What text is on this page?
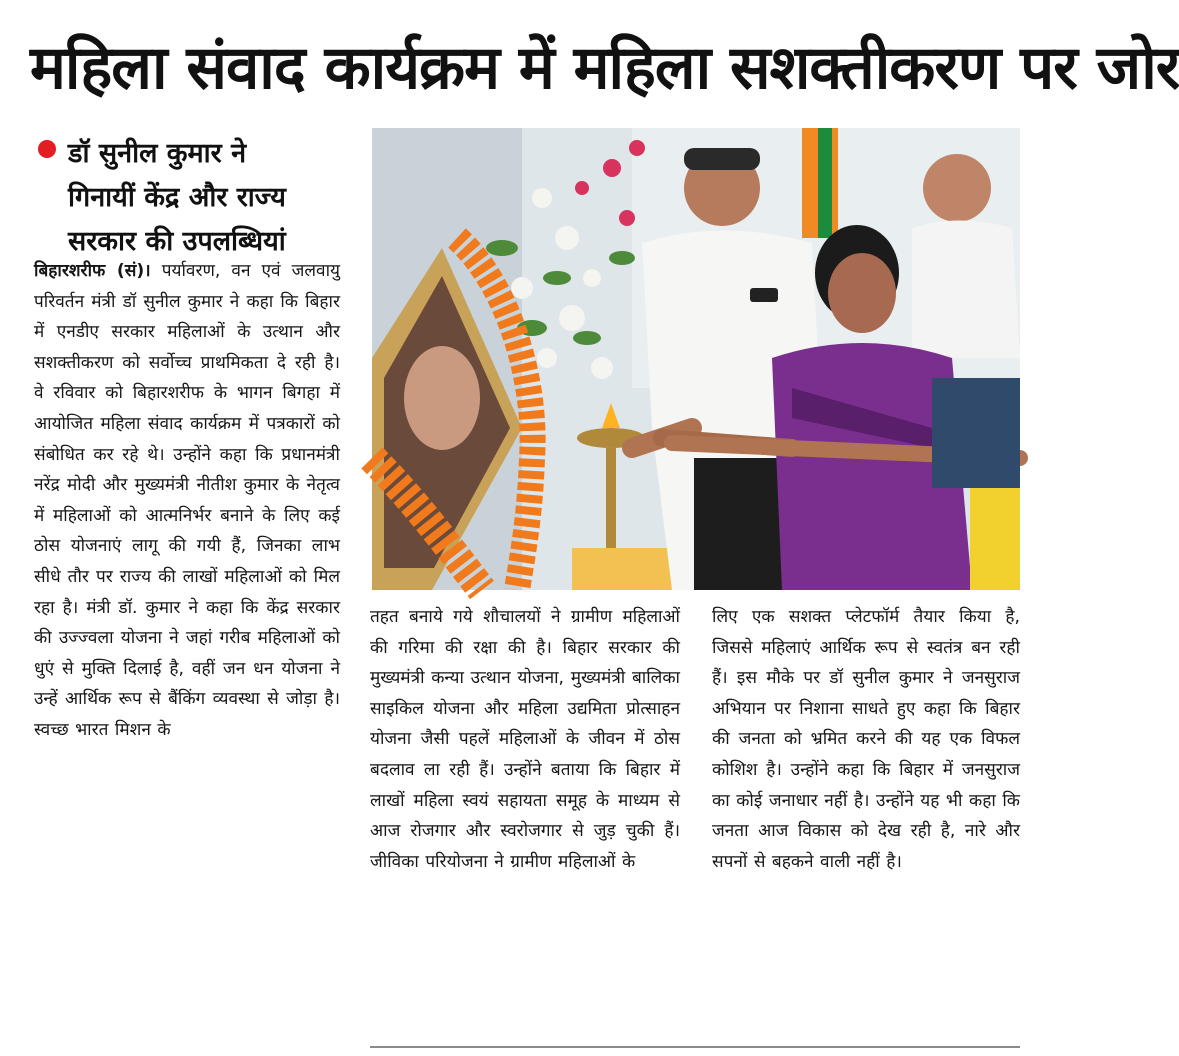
महिला संवाद कार्यक्रम में महिला सशक्तीकरण पर जोर
डॉ सुनील कुमार ने
गिनायीं केंद्र और राज्य
सरकार की उपलब्धियां
बिहारशरीफ (सं)। पर्यावरण, वन एवं जलवायु परिवर्तन मंत्री डॉ सुनील कुमार ने कहा कि बिहार में एनडीए सरकार महिलाओं के उत्थान और सशक्तीकरण को सर्वोच्च प्राथमिकता दे रही है। वे रविवार को बिहारशरीफ के भागन बिगहा में आयोजित महिला संवाद कार्यक्रम में पत्रकारों को संबोधित कर रहे थे। उन्होंने कहा कि प्रधानमंत्री नरेंद्र मोदी और मुख्यमंत्री नीतीश कुमार के नेतृत्व में महिलाओं को आत्मनिर्भर बनाने के लिए कई ठोस योजनाएं लागू की गयी हैं, जिनका लाभ सीधे तौर पर राज्य की लाखों महिलाओं को मिल रहा है। मंत्री डॉ. कुमार ने कहा कि केंद्र सरकार की उज्ज्वला योजना ने जहां गरीब महिलाओं को धुएं से मुक्ति दिलाई है, वहीं जन धन योजना ने उन्हें आर्थिक रूप से बैंकिंग व्यवस्था से जोड़ा है। स्वच्छ भारत मिशन के
तहत बनाये गये शौचालयों ने ग्रामीण महिलाओं की गरिमा की रक्षा की है। बिहार सरकार की मुख्यमंत्री कन्या उत्थान योजना, मुख्यमंत्री बालिका साइकिल योजना और महिला उद्यमिता प्रोत्साहन योजना जैसी पहलें महिलाओं के जीवन में ठोस बदलाव ला रही हैं। उन्होंने बताया कि बिहार में लाखों महिला स्वयं सहायता समूह के माध्यम से आज रोजगार और स्वरोजगार से जुड़ चुकी हैं। जीविका परियोजना ने ग्रामीण महिलाओं के
लिए एक सशक्त प्लेटफॉर्म तैयार किया है, जिससे महिलाएं आर्थिक रूप से स्वतंत्र बन रही हैं। इस मौके पर डॉ सुनील कुमार ने जनसुराज अभियान पर निशाना साधते हुए कहा कि बिहार की जनता को भ्रमित करने की यह एक विफल कोशिश है। उन्होंने कहा कि बिहार में जनसुराज का कोई जनाधार नहीं है। उन्होंने यह भी कहा कि जनता आज विकास को देख रही है, नारे और सपनों से बहकने वाली नहीं है।
